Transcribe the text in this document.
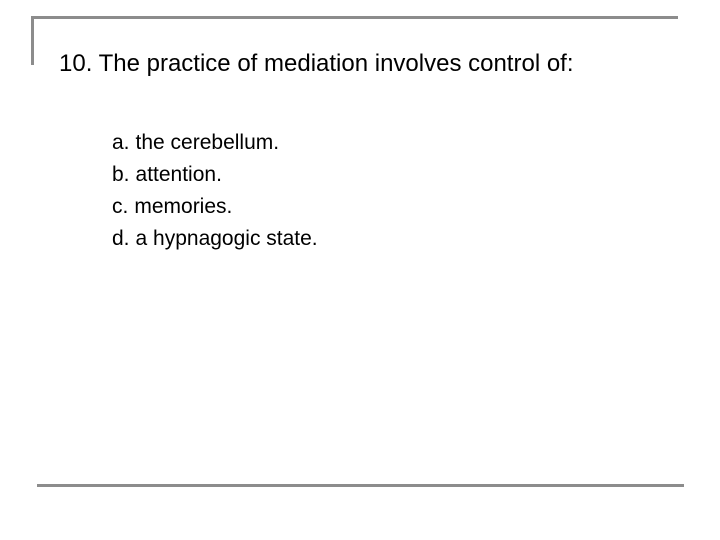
10. The practice of mediation involves control of:
a. the cerebellum.
b. attention.
c. memories.
d. a hypnagogic state.
